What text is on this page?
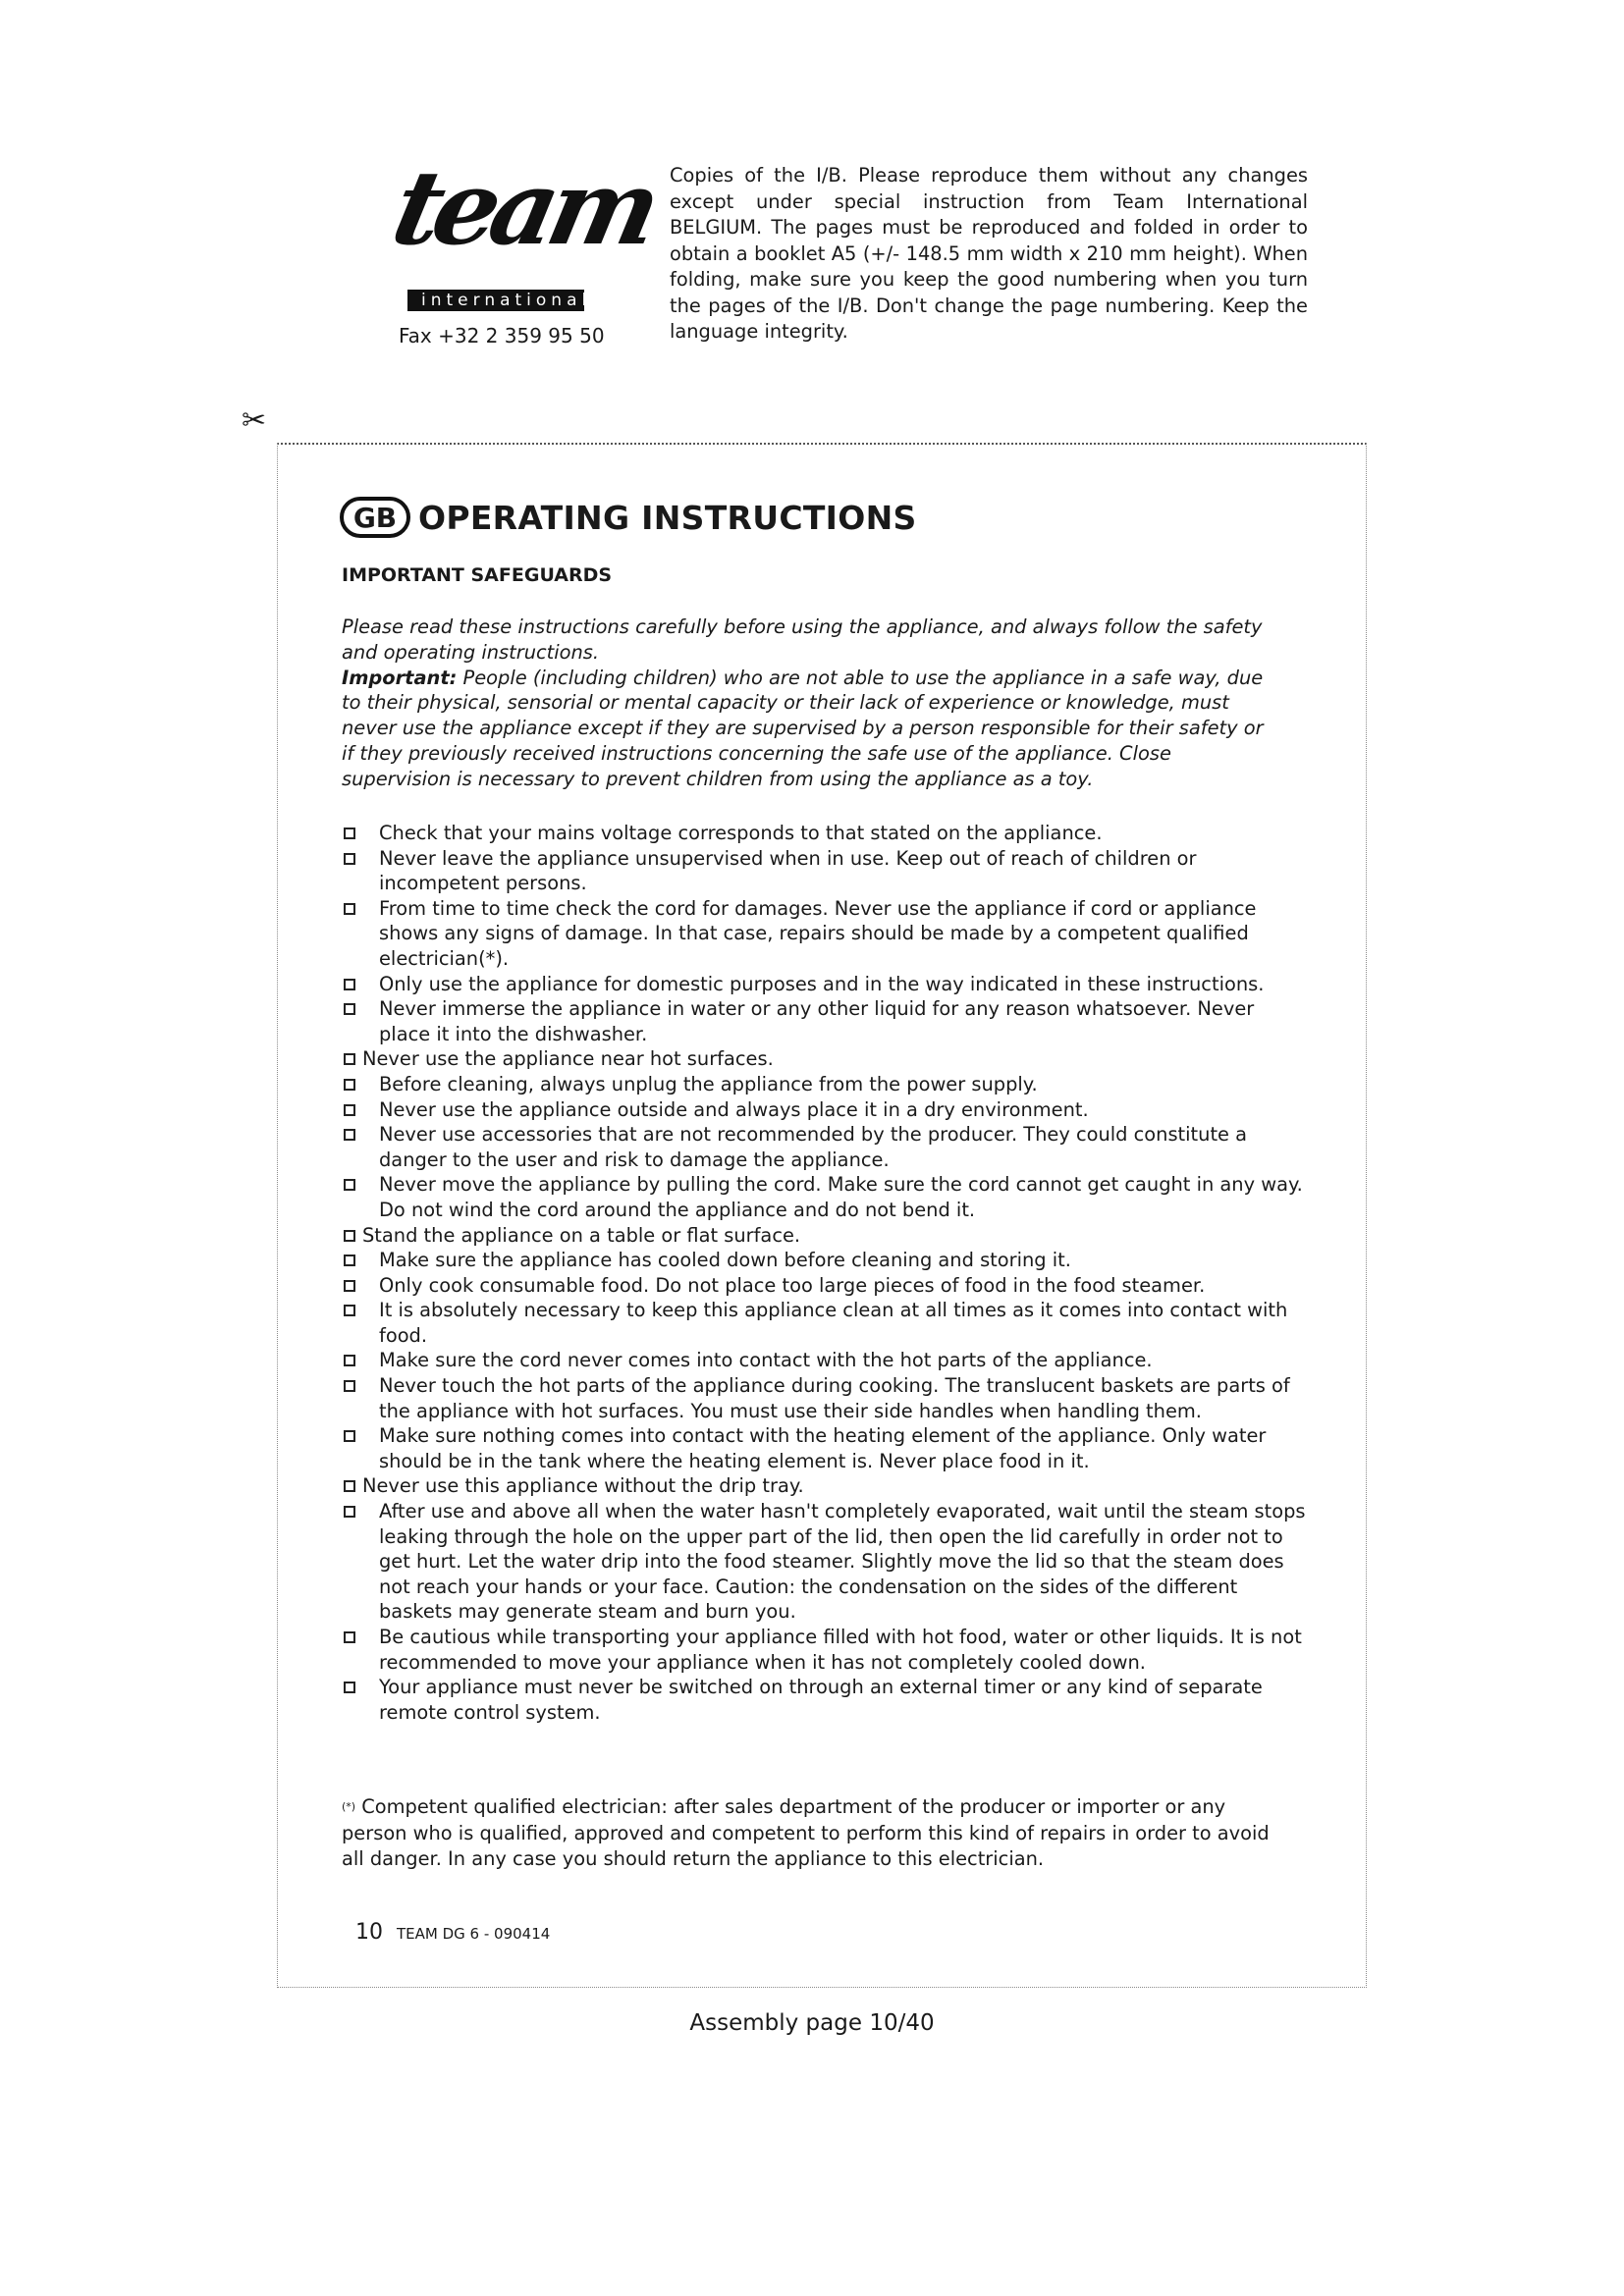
team
international
Fax +32 2 359 95 50
Copies of the I/B. Please reproduce them without any changes except under special instruction from Team International BELGIUM. The pages must be reproduced and folded in order to obtain a booklet A5 (+/- 148.5 mm width x 210 mm height). When folding, make sure you keep the good numbering when you turn the pages of the I/B. Don't change the page numbering. Keep the language integrity.
✂
GB OPERATING INSTRUCTIONS
IMPORTANT SAFEGUARDS

Please read these instructions carefully before using the appliance, and always follow the safety and operating instructions.

Important: People (including children) who are not able to use the appliance in a safe way, due to their physical, sensorial or mental capacity or their lack of experience or knowledge, must never use the appliance except if they are supervised by a person responsible for their safety or if they previously received instructions concerning the safe use of the appliance. Close supervision is necessary to prevent children from using the appliance as a toy.

Check that your mains voltage corresponds to that stated on the appliance.
Never leave the appliance unsupervised when in use. Keep out of reach of children or incompetent persons.
From time to time check the cord for damages. Never use the appliance if cord or appliance shows any signs of damage. In that case, repairs should be made by a competent qualified electrician(*).
Only use the appliance for domestic purposes and in the way indicated in these instructions.
Never immerse the appliance in water or any other liquid for any reason whatsoever. Never place it into the dishwasher.
Never use the appliance near hot surfaces.
Before cleaning, always unplug the appliance from the power supply.
Never use the appliance outside and always place it in a dry environment.
Never use accessories that are not recommended by the producer. They could constitute a danger to the user and risk to damage the appliance.
Never move the appliance by pulling the cord. Make sure the cord cannot get caught in any way. Do not wind the cord around the appliance and do not bend it.
Stand the appliance on a table or flat surface.
Make sure the appliance has cooled down before cleaning and storing it.
Only cook consumable food. Do not place too large pieces of food in the food steamer.
It is absolutely necessary to keep this appliance clean at all times as it comes into contact with food.
Make sure the cord never comes into contact with the hot parts of the appliance.
Never touch the hot parts of the appliance during cooking. The translucent baskets are parts of the appliance with hot surfaces. You must use their side handles when handling them.
Make sure nothing comes into contact with the heating element of the appliance. Only water should be in the tank where the heating element is. Never place food in it.
Never use this appliance without the drip tray.
After use and above all when the water hasn't completely evaporated, wait until the steam stops leaking through the hole on the upper part of the lid, then open the lid carefully in order not to get hurt. Let the water drip into the food steamer. Slightly move the lid so that the steam does not reach your hands or your face. Caution: the condensation on the sides of the different baskets may generate steam and burn you.
Be cautious while transporting your appliance filled with hot food, water or other liquids. It is not recommended to move your appliance when it has not completely cooled down.
Your appliance must never be switched on through an external timer or any kind of separate remote control system.

(*) Competent qualified electrician: after sales department of the producer or importer or any person who is qualified, approved and competent to perform this kind of repairs in order to avoid all danger. In any case you should return the appliance to this electrician.

10 TEAM DG 6 - 090414
Assembly page 10/40
